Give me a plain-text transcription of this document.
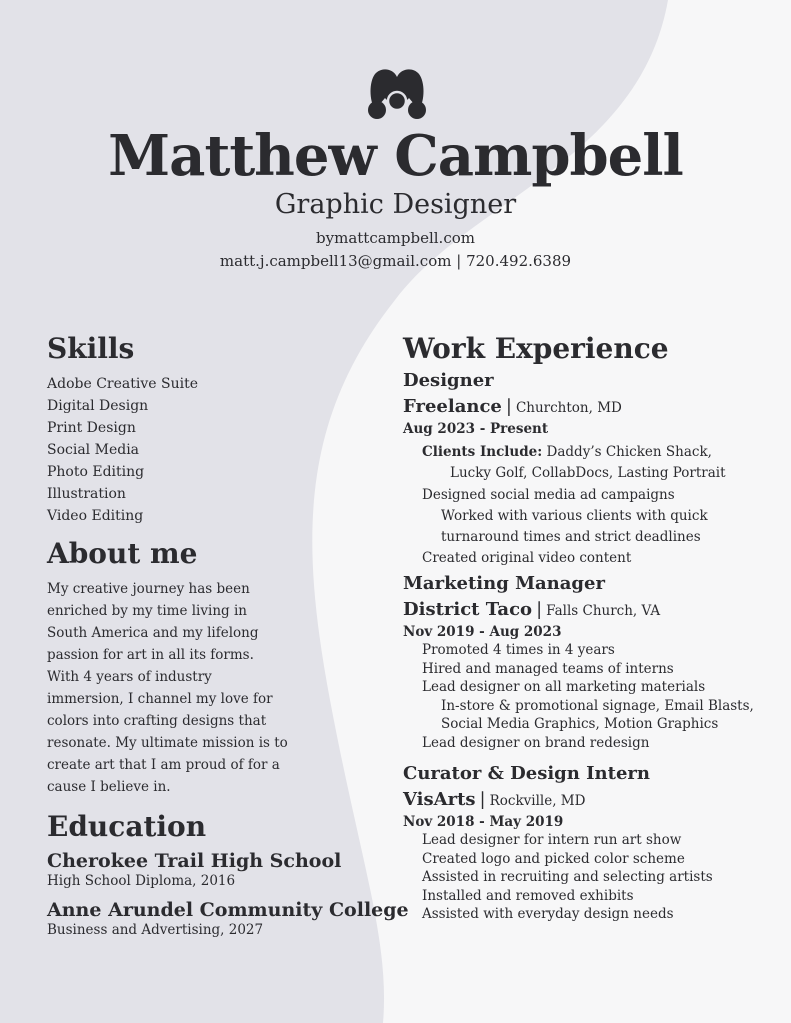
Matthew Campbell
Graphic Designer
bymattcampbell.com
matt.j.campbell13@gmail.com | 720.492.6389
Skills
Adobe Creative Suite
Digital Design
Print Design
Social Media
Photo Editing
Illustration
Video Editing
About me
My creative journey has been
enriched by my time living in
South America and my lifelong
passion for art in all its forms.
With 4 years of industry
immersion, I channel my love for
colors into crafting designs that
resonate. My ultimate mission is to
create art that I am proud of for a
cause I believe in.
Education
Cherokee Trail High School
High School Diploma, 2016
Anne Arundel Community College
Business and Advertising, 2027
Work Experience
Designer
Freelance | Churchton, MD
Aug 2023 - Present
Clients Include: Daddy’s Chicken Shack,
Lucky Golf, CollabDocs, Lasting Portrait
Designed social media ad campaigns
Worked with various clients with quick
turnaround times and strict deadlines
Created original video content
Marketing Manager
District Taco | Falls Church, VA
Nov 2019 - Aug 2023
Promoted 4 times in 4 years
Hired and managed teams of interns
Lead designer on all marketing materials
In-store & promotional signage, Email Blasts,
Social Media Graphics, Motion Graphics
Lead designer on brand redesign
Curator & Design Intern
VisArts | Rockville, MD
Nov 2018 - May 2019
Lead designer for intern run art show
Created logo and picked color scheme
Assisted in recruiting and selecting artists
Installed and removed exhibits
Assisted with everyday design needs
